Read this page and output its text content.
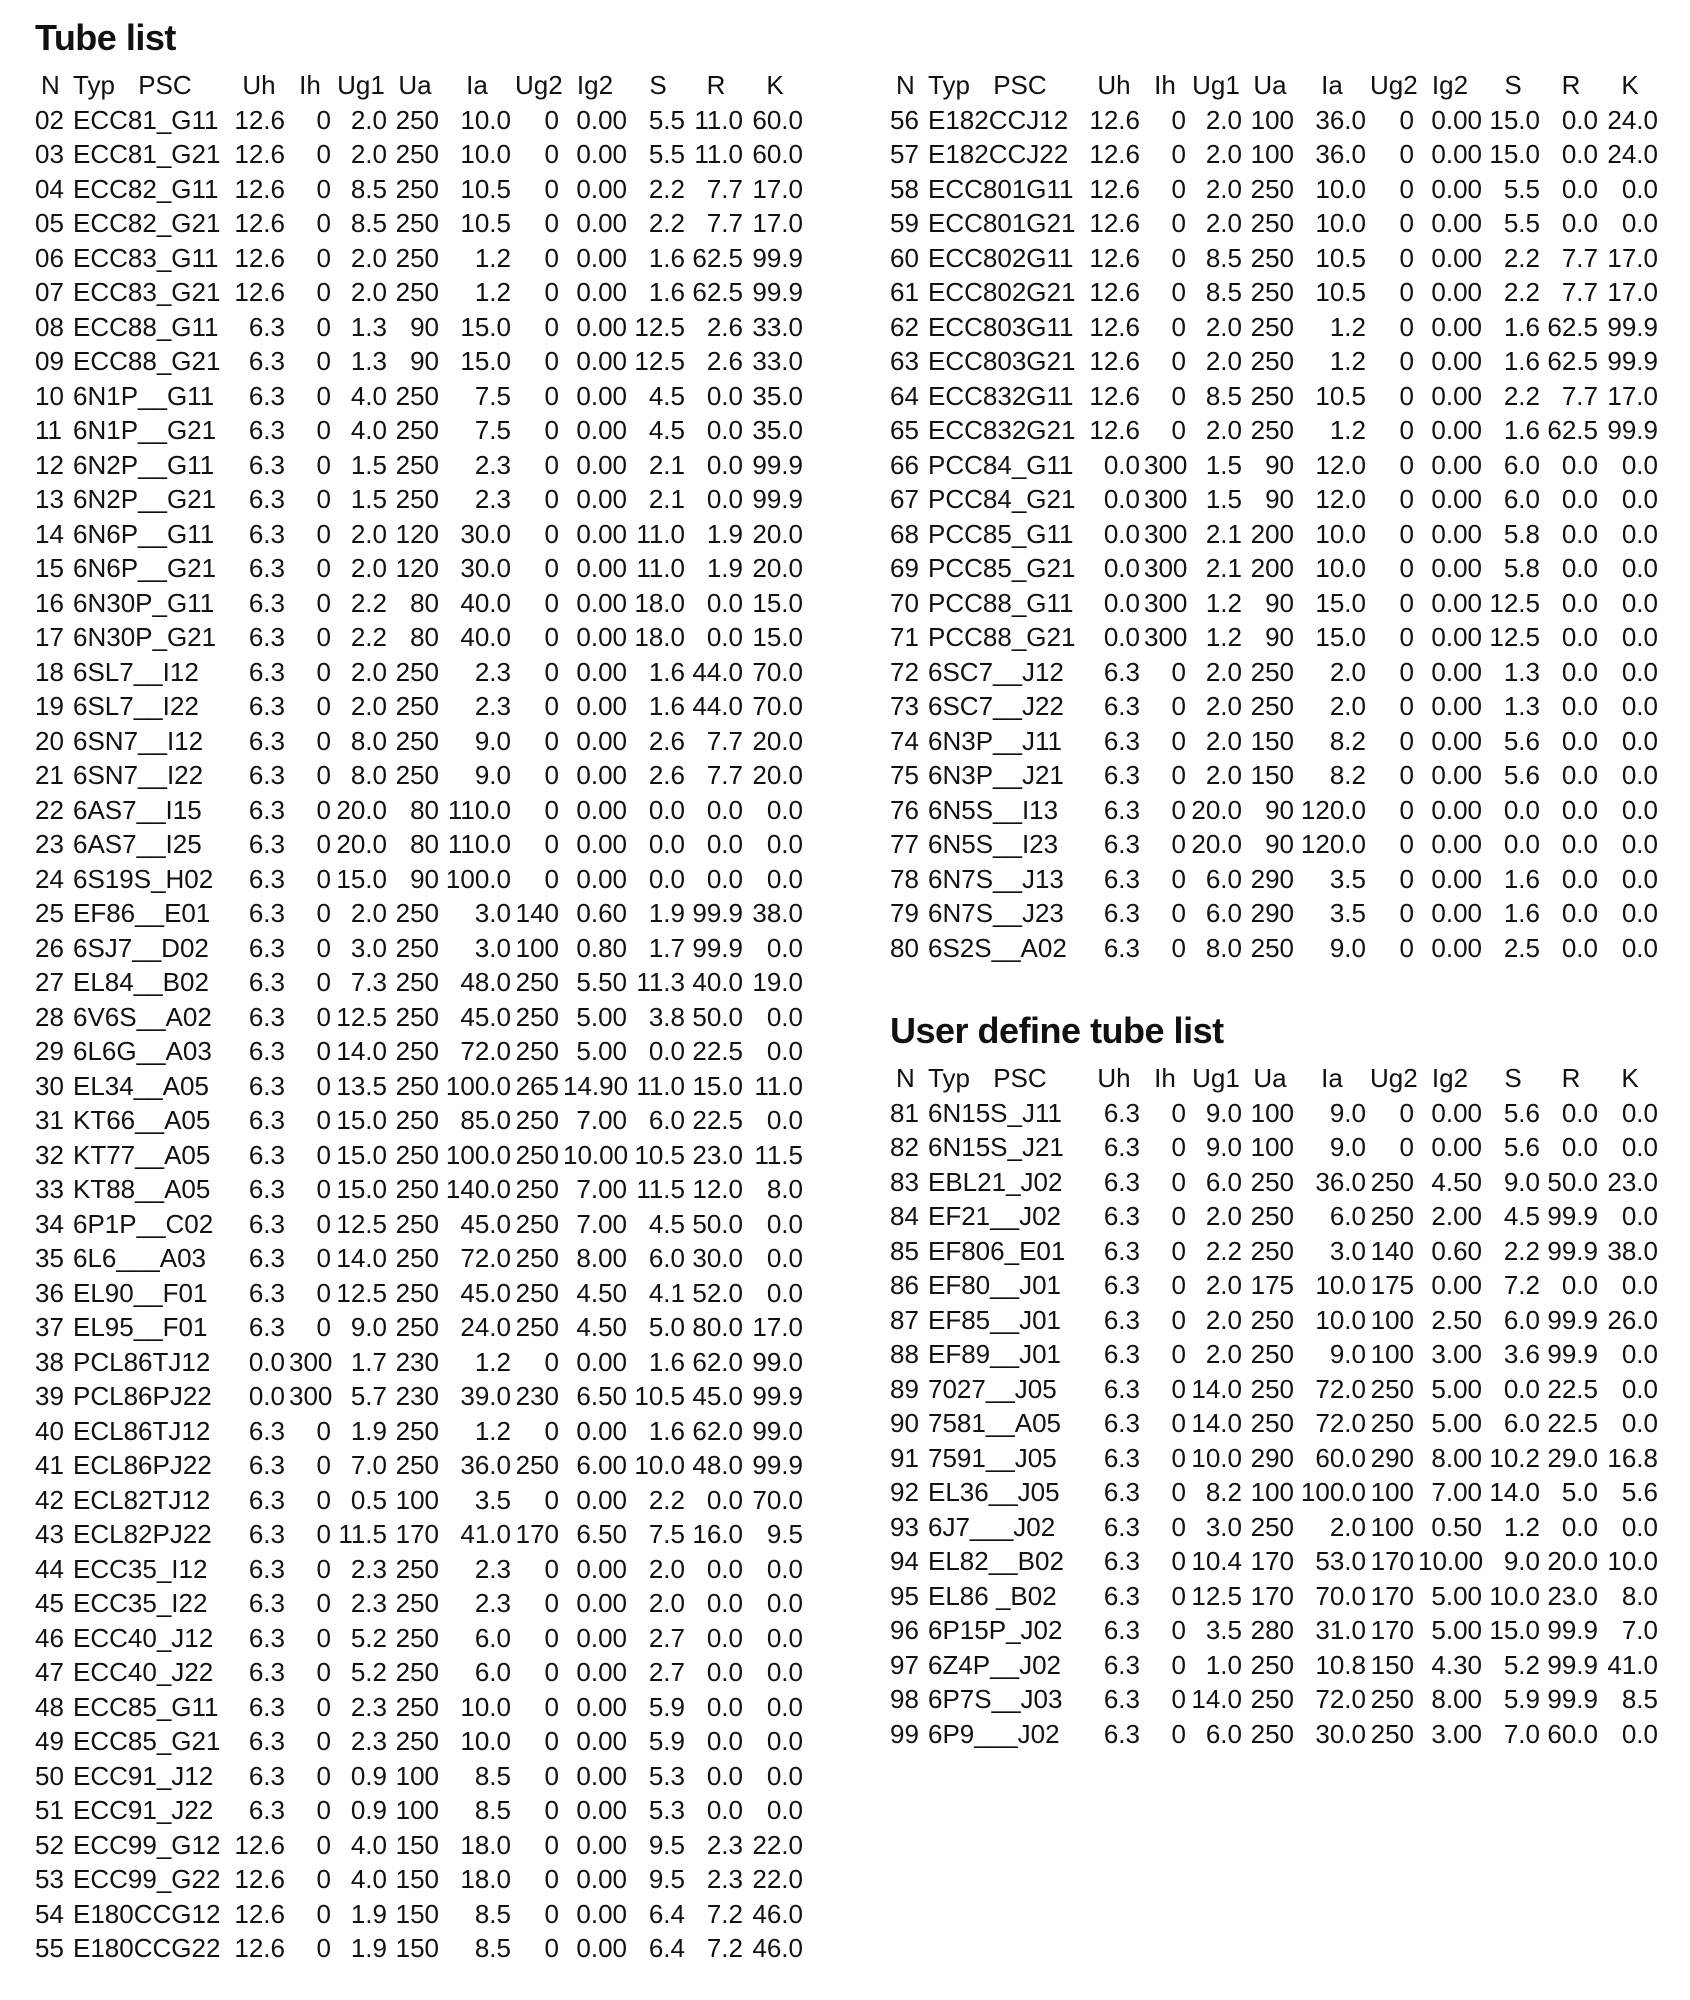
Tube list
N Typ PSC	Uh Ih Ug1 Ua	Ia	Ug2 Ig2	S	R	K
02 ECC81_G11 12.6	0 2.0 250 10.0	0 0.00 5.5 11.0 60.0
03 ECC81_G21 12.6	0 2.0 250 10.0	0 0.00 5.5 11.0 60.0
04 ECC82_G11 12.6	0 8.5 250 10.5	0 0.00 2.2 7.7 17.0
05 ECC82_G21 12.6	0 8.5 250 10.5	0 0.00 2.2 7.7 17.0
06 ECC83_G11 12.6	0 2.0 250	1.2	0 0.00 1.6 62.5 99.9
07 ECC83_G21 12.6	0 2.0 250	1.2	0 0.00 1.6 62.5 99.9
08 ECC88_G11	6.3	0 1.3 90 15.0	0 0.00 12.5 2.6 33.0
09 ECC88_G21	6.3	0 1.3 90 15.0	0 0.00 12.5 2.6 33.0
10 6N1P__G11	6.3	0 4.0 250	7.5	0 0.00 4.5 0.0 35.0
11 6N1P__G21	6.3	0 4.0 250	7.5	0 0.00 4.5 0.0 35.0
12 6N2P__G11	6.3	0 1.5 250	2.3	0 0.00 2.1 0.0 99.9
13 6N2P__G21	6.3	0 1.5 250	2.3	0 0.00 2.1 0.0 99.9
14 6N6P__G11	6.3	0 2.0 120 30.0	0 0.00 11.0 1.9 20.0
15 6N6P__G21	6.3	0 2.0 120 30.0	0 0.00 11.0 1.9 20.0
16 6N30P_G11	6.3	0 2.2 80 40.0	0 0.00 18.0 0.0 15.0
17 6N30P_G21	6.3	0 2.2 80 40.0	0 0.00 18.0 0.0 15.0
18 6SL7__I12	6.3	0 2.0 250	2.3	0 0.00 1.6 44.0 70.0
19 6SL7__I22	6.3	0 2.0 250	2.3	0 0.00 1.6 44.0 70.0
20 6SN7__I12	6.3	0 8.0 250	9.0	0 0.00 2.6 7.7 20.0
21 6SN7__I22	6.3	0 8.0 250	9.0	0 0.00 2.6 7.7 20.0
22 6AS7__I15	6.3	0 20.0 80 110.0	0 0.00 0.0 0.0 0.0
23 6AS7__I25	6.3	0 20.0 80 110.0	0 0.00 0.0 0.0 0.0
24 6S19S_H02	6.3	0 15.0 90 100.0	0 0.00 0.0 0.0 0.0
25 EF86__E01	6.3	0 2.0 250	3.0 140 0.60 1.9 99.9 38.0
26 6SJ7__D02	6.3	0 3.0 250	3.0 100 0.80 1.7 99.9 0.0
27 EL84__B02	6.3	0 7.3 250 48.0 250 5.50 11.3 40.0 19.0
28 6V6S__A02	6.3	0 12.5 250 45.0 250 5.00 3.8 50.0 0.0
29 6L6G__A03	6.3	0 14.0 250 72.0 250 5.00 0.0 22.5 0.0
30 EL34__A05	6.3	0 13.5 250 100.0 265 14.90 11.0 15.0 11.0
31 KT66__A05	6.3	0 15.0 250 85.0 250 7.00 6.0 22.5 0.0
32 KT77__A05	6.3	0 15.0 250 100.0 250 10.00 10.5 23.0 11.5
33 KT88__A05	6.3	0 15.0 250 140.0 250 7.00 11.5 12.0 8.0
34 6P1P__C02	6.3	0 12.5 250 45.0 250 7.00 4.5 50.0 0.0
35 6L6___A03	6.3	0 14.0 250 72.0 250 8.00 6.0 30.0 0.0
36 EL90__F01	6.3	0 12.5 250 45.0 250 4.50 4.1 52.0 0.0
37 EL95__F01	6.3	0 9.0 250 24.0 250 4.50 5.0 80.0 17.0
38 PCL86TJ12	0.0 300 1.7 230	1.2	0 0.00 1.6 62.0 99.0
39 PCL86PJ22	0.0 300 5.7 230 39.0 230 6.50 10.5 45.0 99.9
40 ECL86TJ12	6.3	0 1.9 250	1.2	0 0.00 1.6 62.0 99.0
41 ECL86PJ22	6.3	0 7.0 250 36.0 250 6.00 10.0 48.0 99.9
42 ECL82TJ12	6.3	0 0.5 100	3.5	0 0.00 2.2 0.0 70.0
43 ECL82PJ22	6.3	0 11.5 170 41.0 170 6.50 7.5 16.0 9.5
44 ECC35_I12	6.3	0 2.3 250	2.3	0 0.00 2.0 0.0 0.0
45 ECC35_I22	6.3	0 2.3 250	2.3	0 0.00 2.0 0.0 0.0
46 ECC40_J12	6.3	0 5.2 250	6.0	0 0.00 2.7 0.0 0.0
47 ECC40_J22	6.3	0 5.2 250	6.0	0 0.00 2.7 0.0 0.0
48 ECC85_G11	6.3	0 2.3 250 10.0	0 0.00 5.9 0.0 0.0
49 ECC85_G21	6.3	0 2.3 250 10.0	0 0.00 5.9 0.0 0.0
50 ECC91_J12	6.3	0 0.9 100	8.5	0 0.00 5.3 0.0 0.0
51 ECC91_J22	6.3	0 0.9 100	8.5	0 0.00 5.3 0.0 0.0
52 ECC99_G12 12.6	0 4.0 150 18.0	0 0.00 9.5 2.3 22.0
53 ECC99_G22 12.6	0 4.0 150 18.0	0 0.00 9.5 2.3 22.0
54 E180CCG12 12.6	0 1.9 150	8.5	0 0.00 6.4 7.2 46.0
55 E180CCG22 12.6	0 1.9 150	8.5	0 0.00 6.4 7.2 46.0
N Typ PSC	Uh Ih Ug1 Ua	Ia	Ug2 Ig2	S	R	K
56 E182CCJ12 12.6	0 2.0 100 36.0	0 0.00 15.0 0.0 24.0
57 E182CCJ22 12.6	0 2.0 100 36.0	0 0.00 15.0 0.0 24.0
58 ECC801G11 12.6	0 2.0 250 10.0	0 0.00 5.5 0.0 0.0
59 ECC801G21 12.6	0 2.0 250 10.0	0 0.00 5.5 0.0 0.0
60 ECC802G11 12.6	0 8.5 250 10.5	0 0.00 2.2 7.7 17.0
61 ECC802G21 12.6	0 8.5 250 10.5	0 0.00 2.2 7.7 17.0
62 ECC803G11 12.6	0 2.0 250	1.2	0 0.00 1.6 62.5 99.9
63 ECC803G21 12.6	0 2.0 250	1.2	0 0.00 1.6 62.5 99.9
64 ECC832G11 12.6	0 8.5 250 10.5	0 0.00 2.2 7.7 17.0
65 ECC832G21 12.6	0 2.0 250	1.2	0 0.00 1.6 62.5 99.9
66 PCC84_G11	0.0 300 1.5 90 12.0	0 0.00 6.0 0.0 0.0
67 PCC84_G21	0.0 300 1.5 90 12.0	0 0.00 6.0 0.0 0.0
68 PCC85_G11	0.0 300 2.1 200 10.0	0 0.00 5.8 0.0 0.0
69 PCC85_G21	0.0 300 2.1 200 10.0	0 0.00 5.8 0.0 0.0
70 PCC88_G11	0.0 300 1.2 90 15.0	0 0.00 12.5 0.0 0.0
71 PCC88_G21	0.0 300 1.2 90 15.0	0 0.00 12.5 0.0 0.0
72 6SC7__J12	6.3	0 2.0 250	2.0	0 0.00 1.3 0.0 0.0
73 6SC7__J22	6.3	0 2.0 250	2.0	0 0.00 1.3 0.0 0.0
74 6N3P__J11	6.3	0 2.0 150	8.2	0 0.00 5.6 0.0 0.0
75 6N3P__J21	6.3	0 2.0 150	8.2	0 0.00 5.6 0.0 0.0
76 6N5S__I13	6.3	0 20.0 90 120.0	0 0.00 0.0 0.0 0.0
77 6N5S__I23	6.3	0 20.0 90 120.0	0 0.00 0.0 0.0 0.0
78 6N7S__J13	6.3	0 6.0 290	3.5	0 0.00 1.6 0.0 0.0
79 6N7S__J23	6.3	0 6.0 290	3.5	0 0.00 1.6 0.0 0.0
80 6S2S__A02	6.3	0 8.0 250	9.0	0 0.00 2.5 0.0 0.0
User define tube list
N Typ PSC	Uh Ih Ug1 Ua	Ia	Ug2 Ig2	S	R	K
81 6N15S_J11	6.3	0 9.0 100	9.0	0 0.00 5.6 0.0 0.0
82 6N15S_J21	6.3	0 9.0 100	9.0	0 0.00 5.6 0.0 0.0
83 EBL21_J02	6.3	0 6.0 250 36.0 250 4.50 9.0 50.0 23.0
84 EF21__J02	6.3	0 2.0 250	6.0 250 2.00 4.5 99.9 0.0
85 EF806_E01	6.3	0 2.2 250	3.0 140 0.60 2.2 99.9 38.0
86 EF80__J01	6.3	0 2.0 175 10.0 175 0.00 7.2 0.0 0.0
87 EF85__J01	6.3	0 2.0 250 10.0 100 2.50 6.0 99.9 26.0
88 EF89__J01	6.3	0 2.0 250	9.0 100 3.00 3.6 99.9 0.0
89 7027__J05	6.3	0 14.0 250 72.0 250 5.00 0.0 22.5 0.0
90 7581__A05	6.3	0 14.0 250 72.0 250 5.00 6.0 22.5 0.0
91 7591__J05	6.3	0 10.0 290 60.0 290 8.00 10.2 29.0 16.8
92 EL36__J05	6.3	0 8.2 100 100.0 100 7.00 14.0 5.0 5.6
93 6J7___J02	6.3	0 3.0 250	2.0 100 0.50 1.2 0.0 0.0
94 EL82__B02	6.3	0 10.4 170 53.0 170 10.00 9.0 20.0 10.0
95 EL86 _B02	6.3	0 12.5 170 70.0 170 5.00 10.0 23.0 8.0
96 6P15P_J02	6.3	0 3.5 280 31.0 170 5.00 15.0 99.9 7.0
97 6Z4P__J02	6.3	0 1.0 250 10.8 150 4.30 5.2 99.9 41.0
98 6P7S__J03	6.3	0 14.0 250 72.0 250 8.00 5.9 99.9 8.5
99 6P9___J02	6.3	0 6.0 250 30.0 250 3.00 7.0 60.0 0.0
